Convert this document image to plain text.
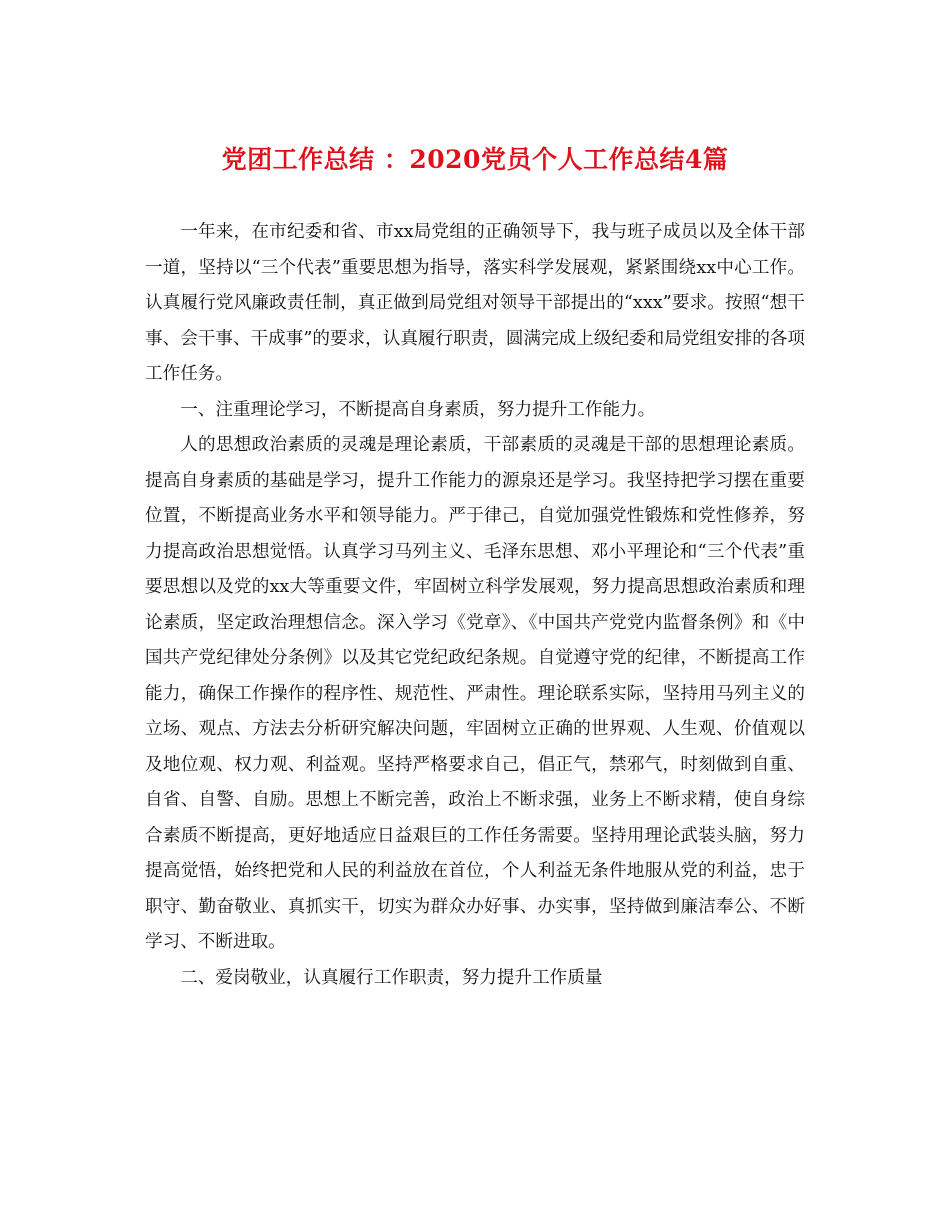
党团工作总结 ：2020党员个人工作总结4篇

一年来，在市纪委和省、市xx局党组的正确领导下，我与班子成员以及全体干部一道，坚持以“三个代表”重要思想为指导，落实科学发展观，紧紧围绕xx中心工作。认真履行党风廉政责任制，真正做到局党组对领导干部提出的“xxx”要求。按照“想干事、会干事、干成事”的要求，认真履行职责，圆满完成上级纪委和局党组安排的各项工作任务。

一、注重理论学习，不断提高自身素质，努力提升工作能力。

人的思想政治素质的灵魂是理论素质，干部素质的灵魂是干部的思想理论素质。提高自身素质的基础是学习，提升工作能力的源泉还是学习。我坚持把学习摆在重要位置，不断提高业务水平和领导能力。严于律己，自觉加强党性锻炼和党性修养，努力提高政治思想觉悟。认真学习马列主义、毛泽东思想、邓小平理论和“三个代表”重要思想以及党的xx大等重要文件，牢固树立科学发展观，努力提高思想政治素质和理论素质，坚定政治理想信念。深入学习《党章》、《中国共产党党内监督条例》和《中国共产党纪律处分条例》以及其它党纪政纪条规。自觉遵守党的纪律，不断提高工作能力，确保工作操作的程序性、规范性、严肃性。理论联系实际，坚持用马列主义的立场、观点、方法去分析研究解决问题，牢固树立正确的世界观、人生观、价值观以及地位观、权力观、利益观。坚持严格要求自己，倡正气，禁邪气，时刻做到自重、自省、自警、自励。思想上不断完善，政治上不断求强，业务上不断求精，使自身综合素质不断提高，更好地适应日益艰巨的工作任务需要。坚持用理论武装头脑，努力提高觉悟，始终把党和人民的利益放在首位，个人利益无条件地服从党的利益，忠于职守、勤奋敬业、真抓实干，切实为群众办好事、办实事，坚持做到廉洁奉公、不断学习、不断进取。

二、爱岗敬业，认真履行工作职责，努力提升工作质量
